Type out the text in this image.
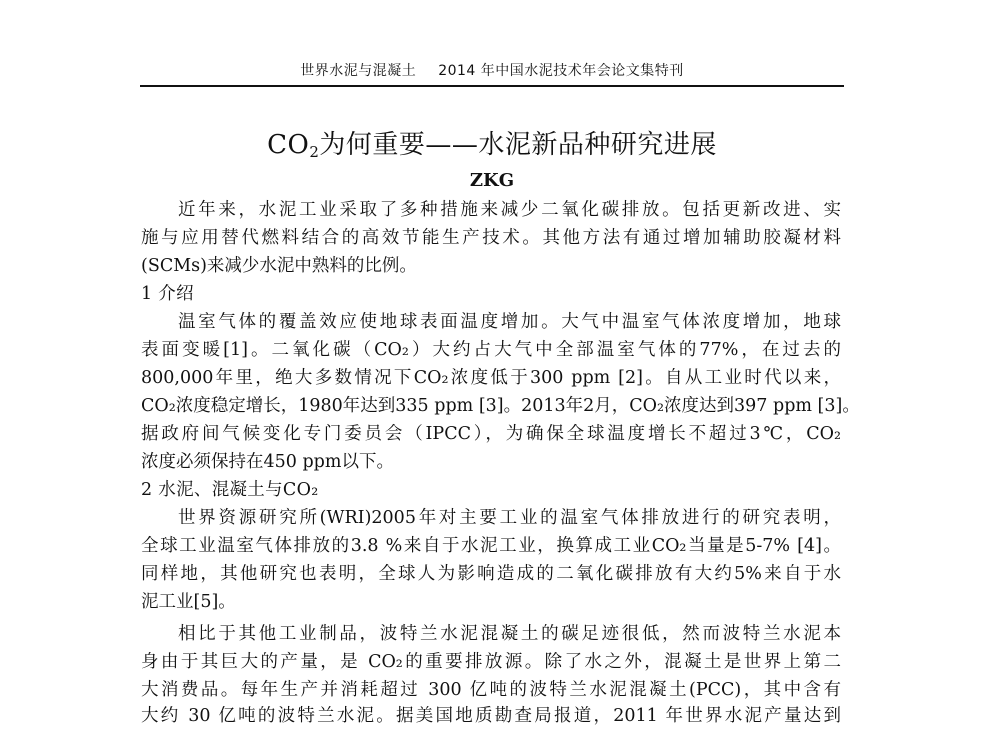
世界水泥与混凝土 2014 年中国水泥技术年会论文集特刊
$CO_2$为何重要——水泥新品种研究进展
ZKG
近年来，水泥工业采取了多种措施来减少二氧化碳排放。包括更新改进、实
施与应用替代燃料结合的高效节能生产技术。其他方法有通过增加辅助胶凝材料
(SCMs)来减少水泥中熟料的比例。
1 介绍
温室气体的覆盖效应使地球表面温度增加。大气中温室气体浓度增加，地球
表面变暖[1]。二氧化碳（CO₂）大约占大气中全部温室气体的77%，在过去的
800,000年里，绝大多数情况下CO₂浓度低于300 ppm [2]。自从工业时代以来，
CO₂浓度稳定增长，1980年达到335 ppm [3]。2013年2月，CO₂浓度达到397 ppm [3]。
据政府间气候变化专门委员会（IPCC），为确保全球温度增长不超过3℃，CO₂
浓度必须保持在450 ppm以下。
2 水泥、混凝土与CO₂
世界资源研究所(WRI)2005年对主要工业的温室气体排放进行的研究表明，
全球工业温室气体排放的3.8 %来自于水泥工业，换算成工业CO₂当量是5-7% [4]。
同样地，其他研究也表明，全球人为影响造成的二氧化碳排放有大约5%来自于水
泥工业[5]。
相比于其他工业制品，波特兰水泥混凝土的碳足迹很低，然而波特兰水泥本
身由于其巨大的产量，是 CO₂的重要排放源。除了水之外，混凝土是世界上第二
大消费品。每年生产并消耗超过 300 亿吨的波特兰水泥混凝土(PCC)，其中含有
大约 30 亿吨的波特兰水泥。据美国地质勘查局报道，2011 年世界水泥产量达到
